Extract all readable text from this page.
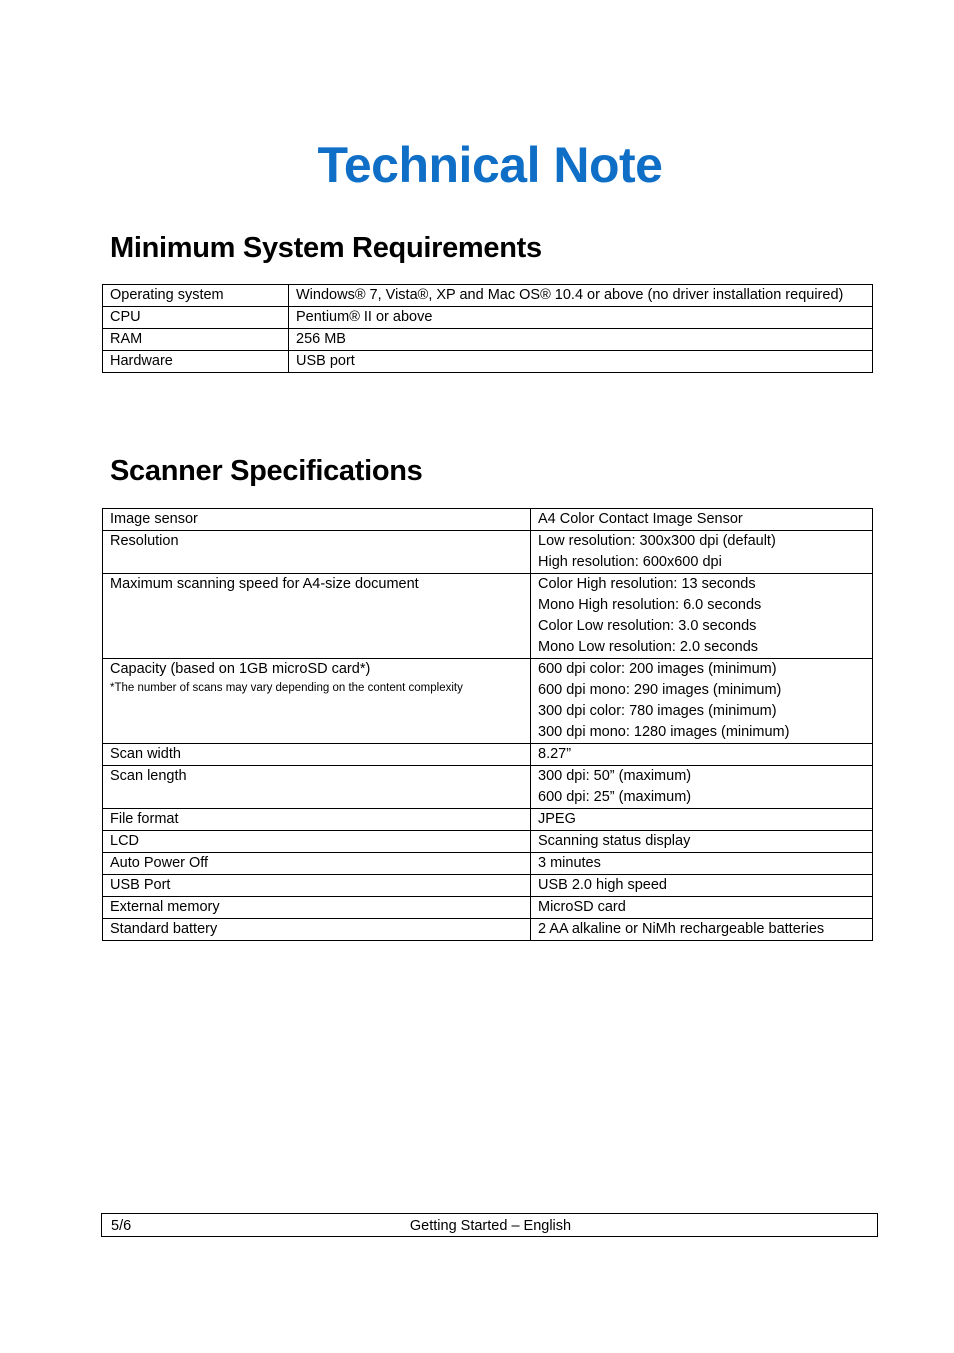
Technical Note
Minimum System Requirements
Operating system	Windows® 7, Vista®, XP and Mac OS® 10.4 or above (no driver installation required)

CPU	Pentium® II or above

RAM	256 MB

Hardware	USB port
Scanner Specifications
Image sensor	A4 Color Contact Image Sensor

Resolution	Low resolution: 300x300 dpi (default)
High resolution: 600x600 dpi

Maximum scanning speed for A4-size document	Color High resolution: 13 seconds
Mono High resolution: 6.0 seconds
Color Low resolution: 3.0 seconds
Mono Low resolution: 2.0 seconds

Capacity (based on 1GB microSD card*)
*The number of scans may vary depending on the content complexity	600 dpi color: 200 images (minimum)
600 dpi mono: 290 images (minimum)
300 dpi color: 780 images (minimum)
300 dpi mono: 1280 images (minimum)

Scan width	8.27”

Scan length	300 dpi: 50” (maximum)
600 dpi: 25” (maximum)

File format	JPEG

LCD	Scanning status display

Auto Power Off	3 minutes

USB Port	USB 2.0 high speed

External memory	MicroSD card

Standard battery	2 AA alkaline or NiMh rechargeable batteries
5/6	Getting Started – English
